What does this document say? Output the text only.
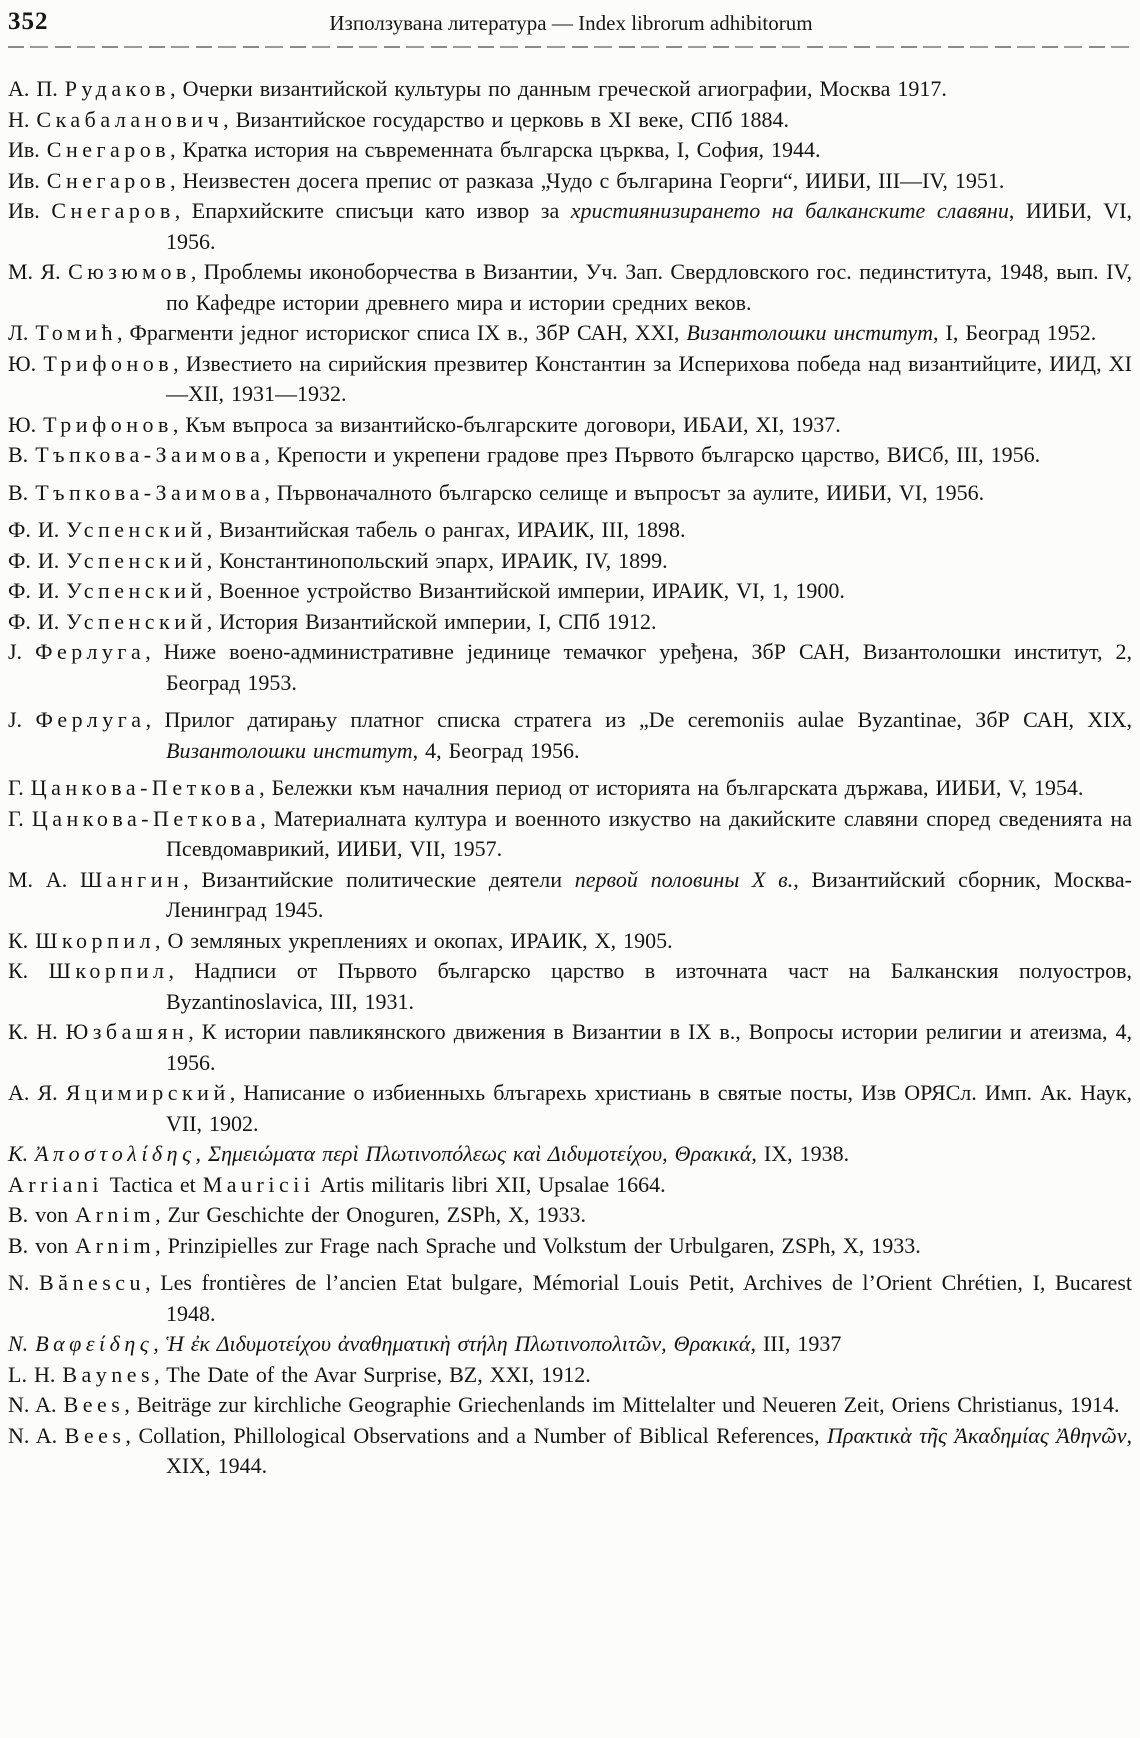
352	Използувана литература — Index librorum adhibitorum

А. П. Рудаков, Очерки византийской культуры по данным греческой агиографии, Москва 1917.

Н. Скабаланович, Византийское государство и церковь в XI веке, СПб 1884.

Ив. Снегаров, Кратка история на съвременната българска църква, I, София, 1944.

Ив. Снегаров, Неизвестен досега препис от разказа „Чудо с българина Георги“, ИИБИ, III—IV, 1951.

Ив. Снегаров, Епархийските списъци като извор за християнизирането на балканските славяни, ИИБИ, VI, 1956.

М. Я. Сюзюмов, Проблемы иконоборчества в Византии, Уч. Зап. Свердловского гос. пединститута, 1948, вып. IV, по Кафедре истории древнего мира и истории средних веков.

Л. Томић, Фрагменти једног историског списа IX в., ЗбР САН, XXI, Византолошки институт, I, Београд 1952.

Ю. Трифонов, Известието на сирийския презвитер Константин за Исперихова победа над византийците, ИИД, XI—XII, 1931—1932.

Ю. Трифонов, Към въпроса за византийско-българските договори, ИБАИ, XI, 1937.

В. Тъпкова-Заимова, Крепости и укрепени градове през Първото българско царство, ВИСб, III, 1956.

В. Тъпкова-Заимова, Първоначалното българско селище и въпросът за аулите, ИИБИ, VI, 1956.

Ф. И. Успенский, Византийская табель о рангах, ИРАИК, III, 1898.

Ф. И. Успенский, Константинопольский эпарх, ИРАИК, IV, 1899.

Ф. И. Успенский, Военное устройство Византийской империи, ИРАИК, VI, 1, 1900.

Ф. И. Успенский, История Византийской империи, I, СПб 1912.

J. Ферлуга, Ниже воено-административне јединице темачког уређена, ЗбР САН, Византолошки институт, 2, Београд 1953.

J. Ферлуга, Прилог датирању платног списка стратега из „De ceremoniis aulae Byzantinae, ЗбР САН, XIX, Византолошки институт, 4, Београд 1956.

Г. Цанкова-Петкова, Бележки към началния период от историята на българската държава, ИИБИ, V, 1954.

Г. Цанкова-Петкова, Материалната култура и военното изкуство на дакийските славяни според сведенията на Псевдомаврикий, ИИБИ, VII, 1957.

М. А. Шангин, Византийские политические деятели первой половины X в., Византийский сборник, Москва-Ленинград 1945.

К. Шкорпил, О земляных укреплениях и окопах, ИРАИК, X, 1905.

К. Шкорпил, Надписи от Първото българско царство в източната част на Балканския полуостров, Byzantinoslavica, III, 1931.

К. Н. Юзбашян, К истории павликянского движения в Византии в IX в., Вопросы истории религии и атеизма, 4, 1956.

А. Я. Яцимирский, Написание о избиенныхь блъгарехь христиань в святые посты, Изв ОРЯСл. Имп. Ак. Наук, VII, 1902.

К. Ἀποστολίδης, Σημειώματα περὶ Πλωτινοπόλεως καὶ Διδυμοτείχου, Θρακικά, IX, 1938.

Arriani Tactica et Mauricii Artis militaris libri XII, Upsalae 1664.

B. von Arnim, Zur Geschichte der Onoguren, ZSPh, X, 1933.

B. von Arnim, Prinzipielles zur Frage nach Sprache und Volkstum der Urbulgaren, ZSPh, X, 1933.

N. Bănescu, Les frontières de l’ancien Etat bulgare, Mémorial Louis Petit, Archives de l’Orient Chrétien, I, Bucarest 1948.

N. Βαφείδης, Ἡ ἐκ Διδυμοτείχου ἀναθηματικὴ στήλη Πλωτινοπολιτῶν, Θρακικά, III, 1937

L. H. Baynes, The Date of the Avar Surprise, BZ, XXI, 1912.

N. A. Bees, Beiträge zur kirchliche Geographie Griechenlands im Mittelalter und Neueren Zeit, Oriens Christianus, 1914.

N. A. Bees, Collation, Phillological Observations and a Number of Biblical References, Πρακτικὰ τῆς Ἀκαδημίας Ἀθηνῶν, XIX, 1944.
